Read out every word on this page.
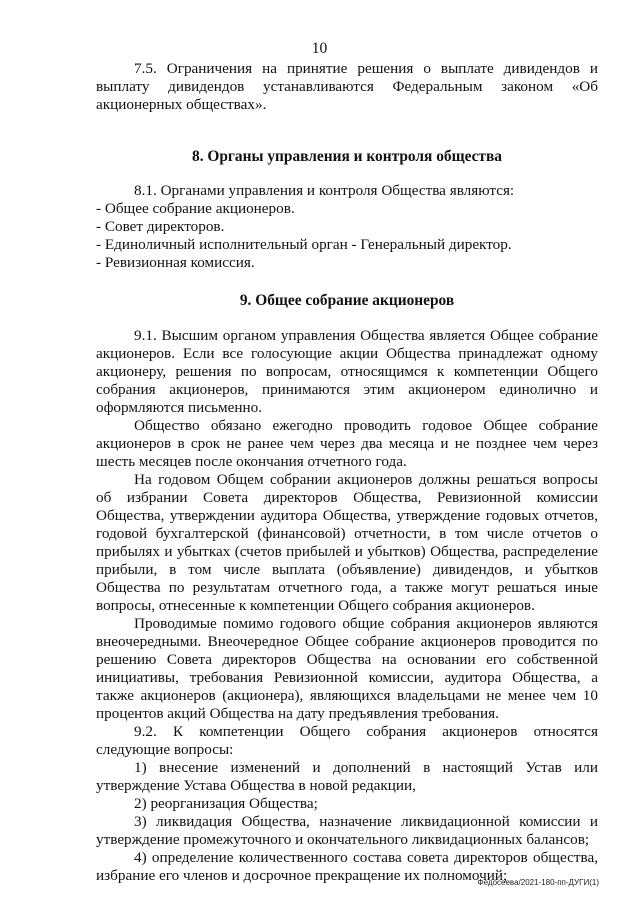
10

7.5. Ограничения на принятие решения о выплате дивидендов и выплату дивидендов устанавливаются Федеральным законом «Об акционерных обществах».

8. Органы управления и контроля общества

8.1. Органами управления и контроля Общества являются:

- Общее собрание акционеров.

- Совет директоров.

- Единоличный исполнительный орган - Генеральный директор.

- Ревизионная комиссия.

9. Общее собрание акционеров

9.1. Высшим органом управления Общества является Общее собрание акционеров. Если все голосующие акции Общества принадлежат одному акционеру, решения по вопросам, относящимся к компетенции Общего собрания акционеров, принимаются этим акционером единолично и оформляются письменно.

Общество обязано ежегодно проводить годовое Общее собрание акционеров в срок не ранее чем через два месяца и не позднее чем через шесть месяцев после окончания отчетного года.

На годовом Общем собрании акционеров должны решаться вопросы об избрании Совета директоров Общества, Ревизионной комиссии Общества, утверждении аудитора Общества, утверждение годовых отчетов, годовой бухгалтерской (финансовой) отчетности, в том числе отчетов о прибылях и убытках (счетов прибылей и убытков) Общества, распределение прибыли, в том числе выплата (объявление) дивидендов, и убытков Общества по результатам отчетного года, а также могут решаться иные вопросы, отнесенные к компетенции Общего собрания акционеров.

Проводимые помимо годового общие собрания акционеров являются внеочередными. Внеочередное Общее собрание акционеров проводится по решению Совета директоров Общества на основании его собственной инициативы, требования Ревизионной комиссии, аудитора Общества, а также акционеров (акционера), являющихся владельцами не менее чем 10 процентов акций Общества на дату предъявления требования.

9.2. К компетенции Общего собрания акционеров относятся следующие вопросы:

1) внесение изменений и дополнений в настоящий Устав или утверждение Устава Общества в новой редакции,

2) реорганизация Общества;

3) ликвидация Общества, назначение ликвидационной комиссии и утверждение промежуточного и окончательного ликвидационных балансов;

4) определение количественного состава совета директоров общества, избрание его членов и досрочное прекращение их полномочий;

Федосеева/2021-180-пп-ДУГИ(1)
